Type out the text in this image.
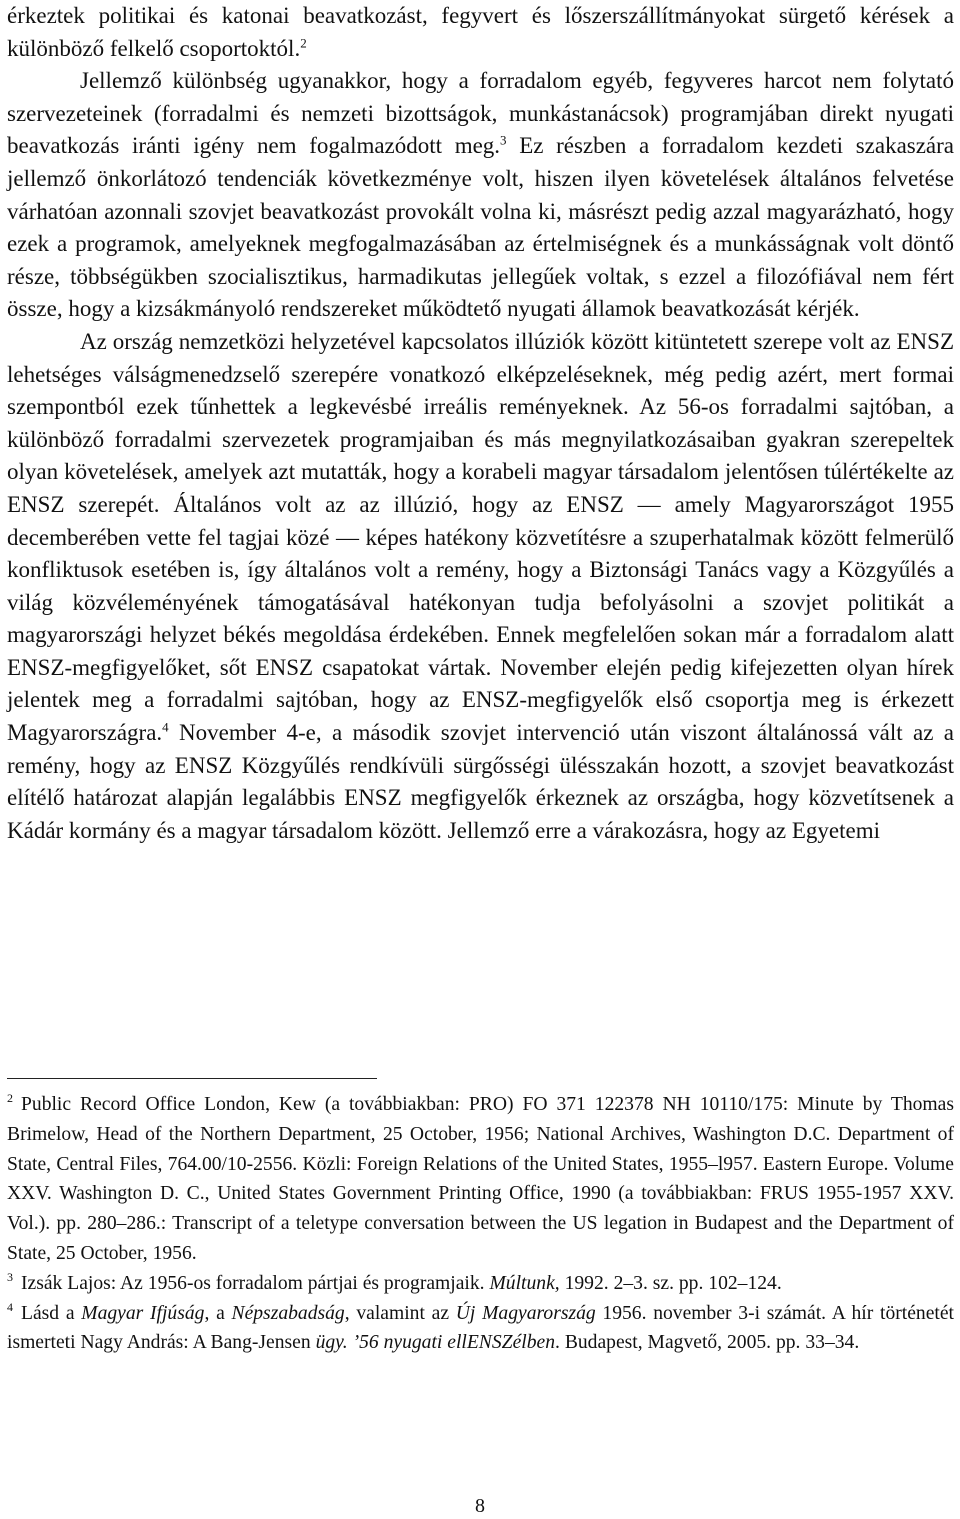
érkeztek politikai és katonai beavatkozást, fegyvert és lőszerszállítmányokat sürgető kérések a különböző felkelő csoportoktól.$^2$

Jellemző különbség ugyanakkor, hogy a forradalom egyéb, fegyveres harcot nem folytató szervezeteinek (forradalmi és nemzeti bizottságok, munkástanácsok) programjában direkt nyugati beavatkozás iránti igény nem fogalmazódott meg.$^3$ Ez részben a forradalom kezdeti szakaszára jellemző önkorlátozó tendenciák következménye volt, hiszen ilyen követelések általános felvetése várhatóan azonnali szovjet beavatkozást provokált volna ki, másrészt pedig azzal magyarázható, hogy ezek a programok, amelyeknek megfogalmazásában az értelmiségnek és a munkásságnak volt döntő része, többségükben szocialisztikus, harmadikutas jellegűek voltak, s ezzel a filozófiával nem fért össze, hogy a kizsákmányoló rendszereket működtető nyugati államok beavatkozását kérjék.

Az ország nemzetközi helyzetével kapcsolatos illúziók között kitüntetett szerepe volt az ENSZ lehetséges válságmenedzselő szerepére vonatkozó elképzeléseknek, még pedig azért, mert formai szempontból ezek tűnhettek a legkevésbé irreális reményeknek. Az 56-os forradalmi sajtóban, a különböző forradalmi szervezetek programjaiban és más megnyilatkozásaiban gyakran szerepeltek olyan követelések, amelyek azt mutatták, hogy a korabeli magyar társadalom jelentősen túlértékelte az ENSZ szerepét. Általános volt az az illúzió, hogy az ENSZ ― amely Magyarországot 1955 decemberében vette fel tagjai közé ― képes hatékony közvetítésre a szuperhatalmak között felmerülő konfliktusok esetében is, így általános volt a remény, hogy a Biztonsági Tanács vagy a Közgyűlés a világ közvéleményének támogatásával hatékonyan tudja befolyásolni a szovjet politikát a magyarországi helyzet békés megoldása érdekében. Ennek megfelelően sokan már a forradalom alatt ENSZ-megfigyelőket, sőt ENSZ csapatokat vártak. November elején pedig kifejezetten olyan hírek jelentek meg a forradalmi sajtóban, hogy az ENSZ-megfigyelők első csoportja meg is érkezett Magyarországra.$^4$ November 4-e, a második szovjet intervenció után viszont általánossá vált az a remény, hogy az ENSZ Közgyűlés rendkívüli sürgősségi ülésszakán hozott, a szovjet beavatkozást elítélő határozat alapján legalábbis ENSZ megfigyelők érkeznek az országba, hogy közvetítsenek a Kádár kormány és a magyar társadalom között. Jellemző erre a várakozásra, hogy az Egyetemi

$^2$ Public Record Office London, Kew (a továbbiakban: PRO) FO 371 122378 NH 10110/175: Minute by Thomas Brimelow, Head of the Northern Department, 25 October, 1956; National Archives, Washington D.C. Department of State, Central Files, 764.00/10-2556. Közli: Foreign Relations of the United States, 1955–l957. Eastern Europe. Volume XXV. Washington D. C., United States Government Printing Office, 1990 (a továbbiakban: FRUS 1955-1957 XXV. Vol.). pp. 280–286.: Transcript of a teletype conversation between the US legation in Budapest and the Department of State, 25 October, 1956.

$^3$ Izsák Lajos: Az 1956-os forradalom pártjai és programjaik. Múltunk, 1992. 2–3. sz. pp. 102–124.

$^4$ Lásd a Magyar Ifjúság, a Népszabadság, valamint az Új Magyarország 1956. november 3-i számát. A hír történetét ismerteti Nagy András: A Bang-Jensen ügy. ’56 nyugati ellENSZélben. Budapest, Magvető, 2005. pp. 33–34.

8
